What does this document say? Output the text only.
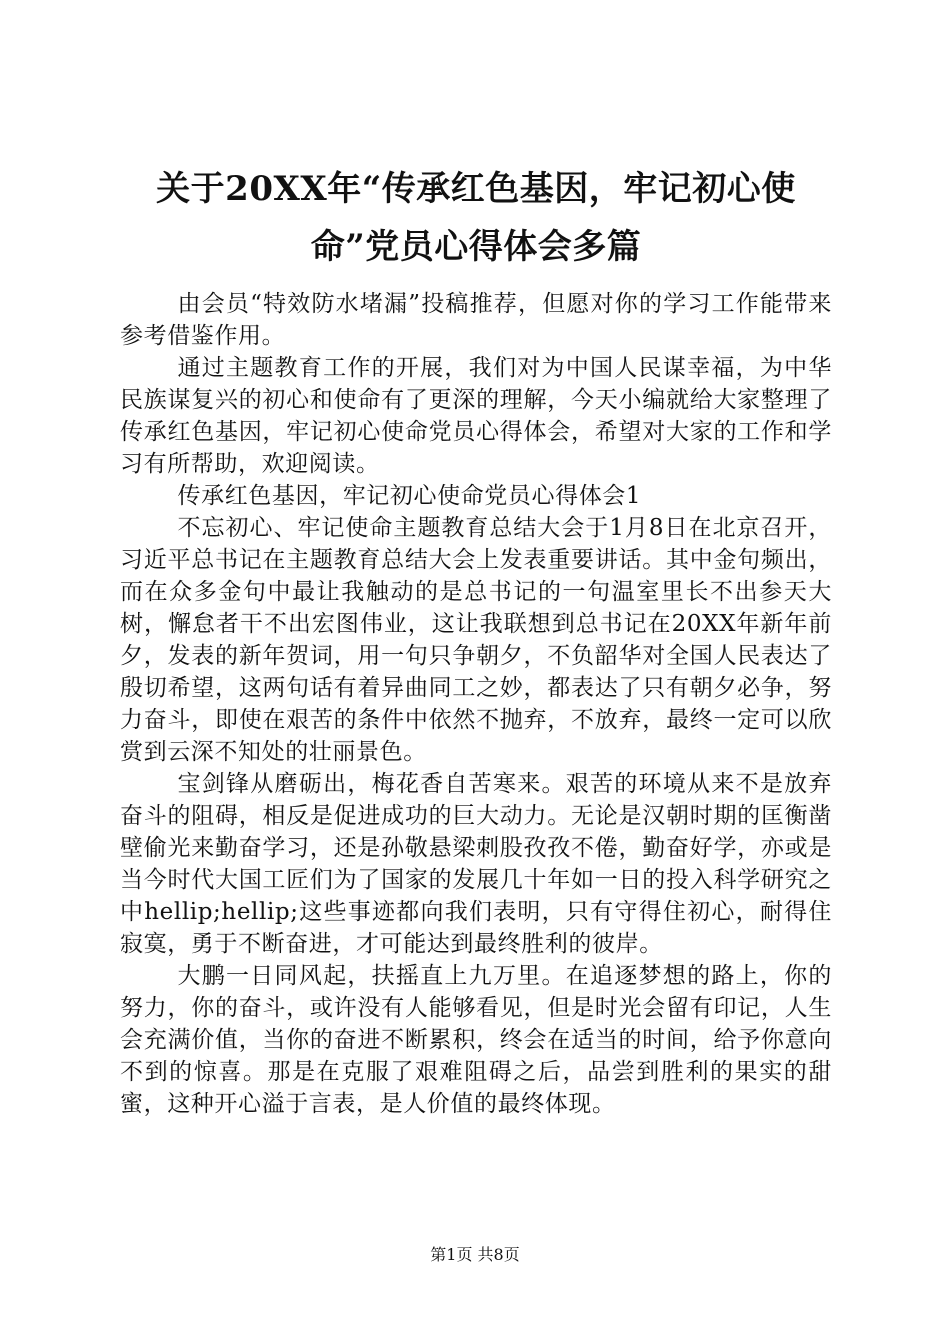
关于20XX年“传承红色基因，牢记初心使
命”党员心得体会多篇

由会员“特效防水堵漏”投稿推荐，但愿对你的学习工作能带来参考借鉴作用。

通过主题教育工作的开展，我们对为中国人民谋幸福，为中华民族谋复兴的初心和使命有了更深的理解，今天小编就给大家整理了传承红色基因，牢记初心使命党员心得体会，希望对大家的工作和学习有所帮助，欢迎阅读。

传承红色基因，牢记初心使命党员心得体会1

不忘初心、牢记使命主题教育总结大会于1月8日在北京召开，习近平总书记在主题教育总结大会上发表重要讲话。其中金句频出，而在众多金句中最让我触动的是总书记的一句温室里长不出参天大树，懈怠者干不出宏图伟业，这让我联想到总书记在20XX年新年前夕，发表的新年贺词，用一句只争朝夕，不负韶华对全国人民表达了殷切希望，这两句话有着异曲同工之妙，都表达了只有朝夕必争，努力奋斗，即使在艰苦的条件中依然不抛弃，不放弃，最终一定可以欣赏到云深不知处的壮丽景色。

宝剑锋从磨砺出，梅花香自苦寒来。艰苦的环境从来不是放弃奋斗的阻碍，相反是促进成功的巨大动力。无论是汉朝时期的匡衡凿壁偷光来勤奋学习，还是孙敬悬梁刺股孜孜不倦，勤奋好学，亦或是当今时代大国工匠们为了国家的发展几十年如一日的投入科学研究之中hellip;hellip;这些事迹都向我们表明，只有守得住初心，耐得住寂寞，勇于不断奋进，才可能达到最终胜利的彼岸。

大鹏一日同风起，扶摇直上九万里。在追逐梦想的路上，你的努力，你的奋斗，或许没有人能够看见，但是时光会留有印记，人生会充满价值，当你的奋进不断累积，终会在适当的时间，给予你意向不到的惊喜。那是在克服了艰难阻碍之后，品尝到胜利的果实的甜蜜，这种开心溢于言表，是人价值的最终体现。

第1页 共8页
